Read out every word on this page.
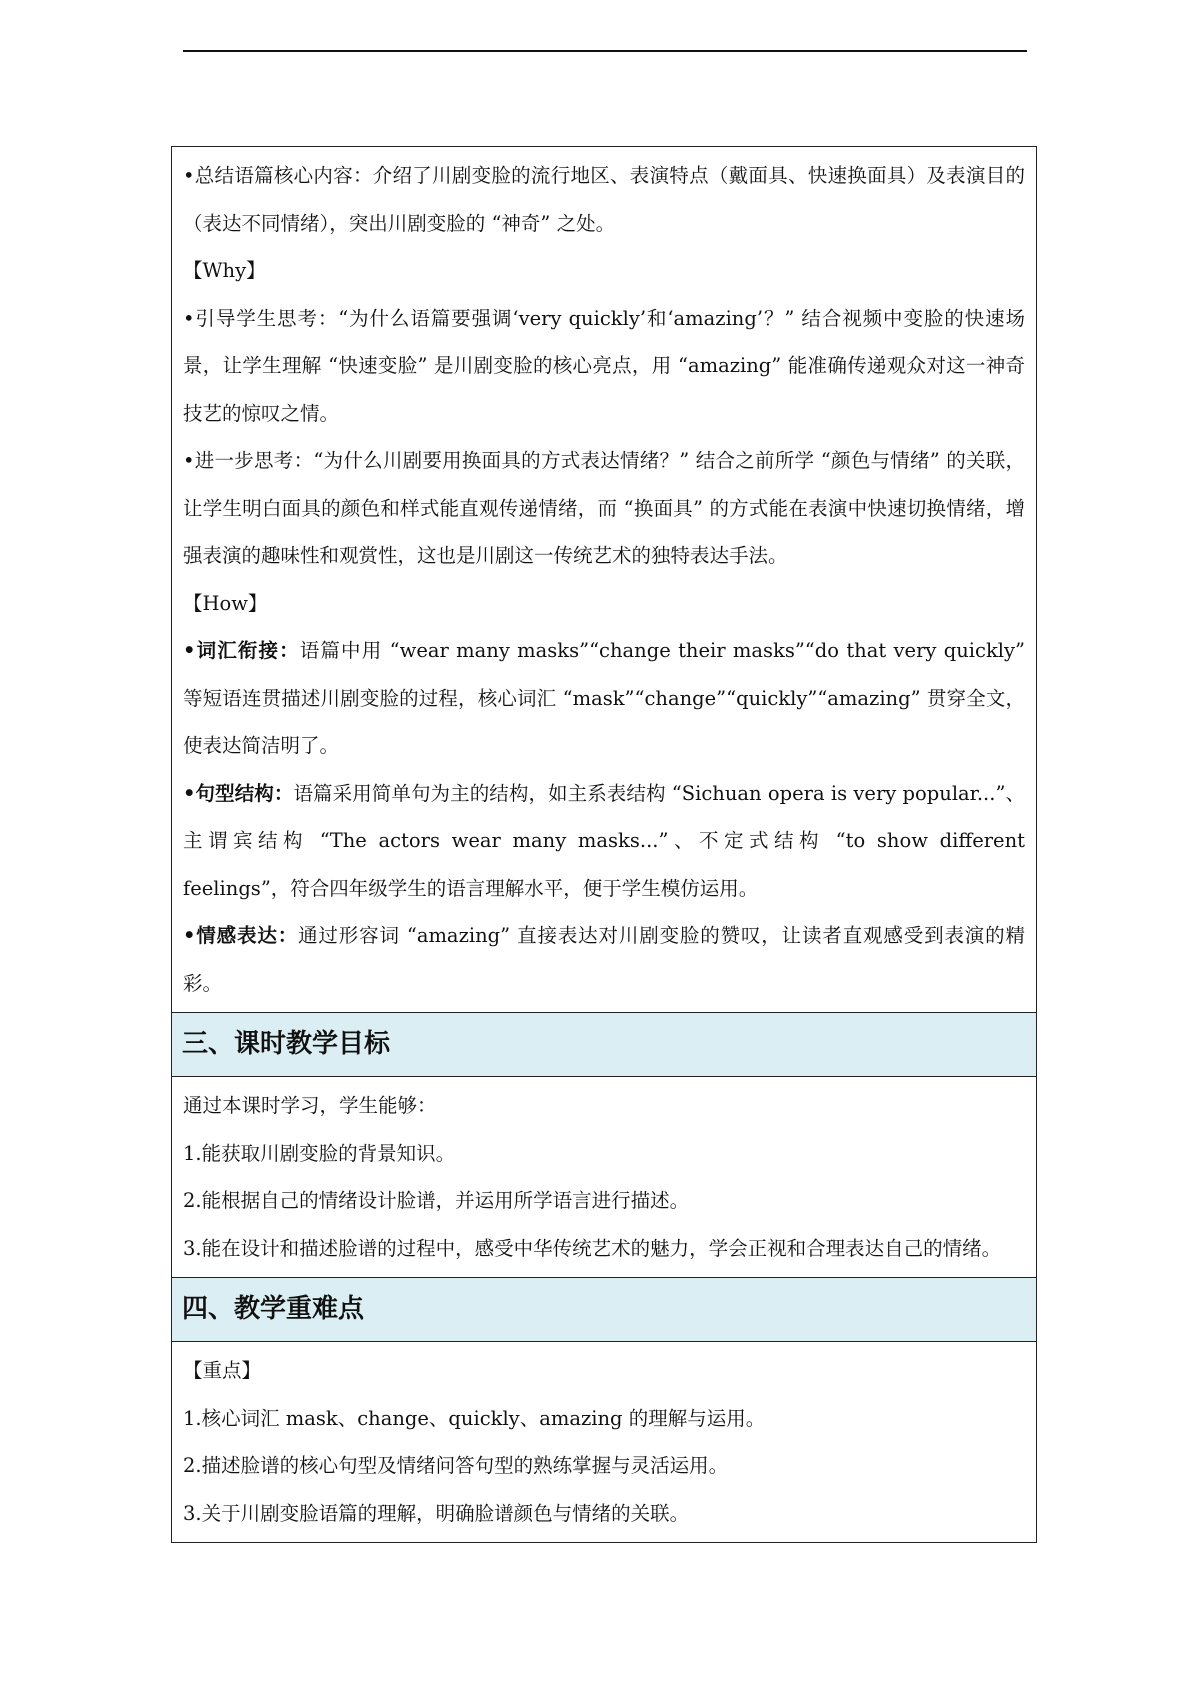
•总结语篇核心内容：介绍了川剧变脸的流行地区、表演特点（戴面具、快速换面具）及表演目的（表达不同情绪），突出川剧变脸的 “神奇” 之处。

【Why】

•引导学生思考：“为什么语篇要强调‘very quickly’和‘amazing’？” 结合视频中变脸的快速场景，让学生理解 “快速变脸” 是川剧变脸的核心亮点，用 “amazing” 能准确传递观众对这一神奇技艺的惊叹之情。

•进一步思考：“为什么川剧要用换面具的方式表达情绪？” 结合之前所学 “颜色与情绪” 的关联，让学生明白面具的颜色和样式能直观传递情绪，而 “换面具” 的方式能在表演中快速切换情绪，增强表演的趣味性和观赏性，这也是川剧这一传统艺术的独特表达手法。

【How】

•词汇衔接：语篇中用 “wear many masks”“change their masks”“do that very quickly” 等短语连贯描述川剧变脸的过程，核心词汇 “mask”“change”“quickly”“amazing” 贯穿全文，使表达简洁明了。

•句型结构：语篇采用简单句为主的结构，如主系表结构 “Sichuan opera is very popular...”、主谓宾结构 “The actors wear many masks...”、不定式结构 “to show different feelings”，符合四年级学生的语言理解水平，便于学生模仿运用。

•情感表达：通过形容词 “amazing” 直接表达对川剧变脸的赞叹，让读者直观感受到表演的精彩。

三、课时教学目标

通过本课时学习，学生能够：

1.能获取川剧变脸的背景知识。

2.能根据自己的情绪设计脸谱，并运用所学语言进行描述。

3.能在设计和描述脸谱的过程中，感受中华传统艺术的魅力，学会正视和合理表达自己的情绪。

四、教学重难点

【重点】

1.核心词汇 mask、change、quickly、amazing 的理解与运用。

2.描述脸谱的核心句型及情绪问答句型的熟练掌握与灵活运用。

3.关于川剧变脸语篇的理解，明确脸谱颜色与情绪的关联。
